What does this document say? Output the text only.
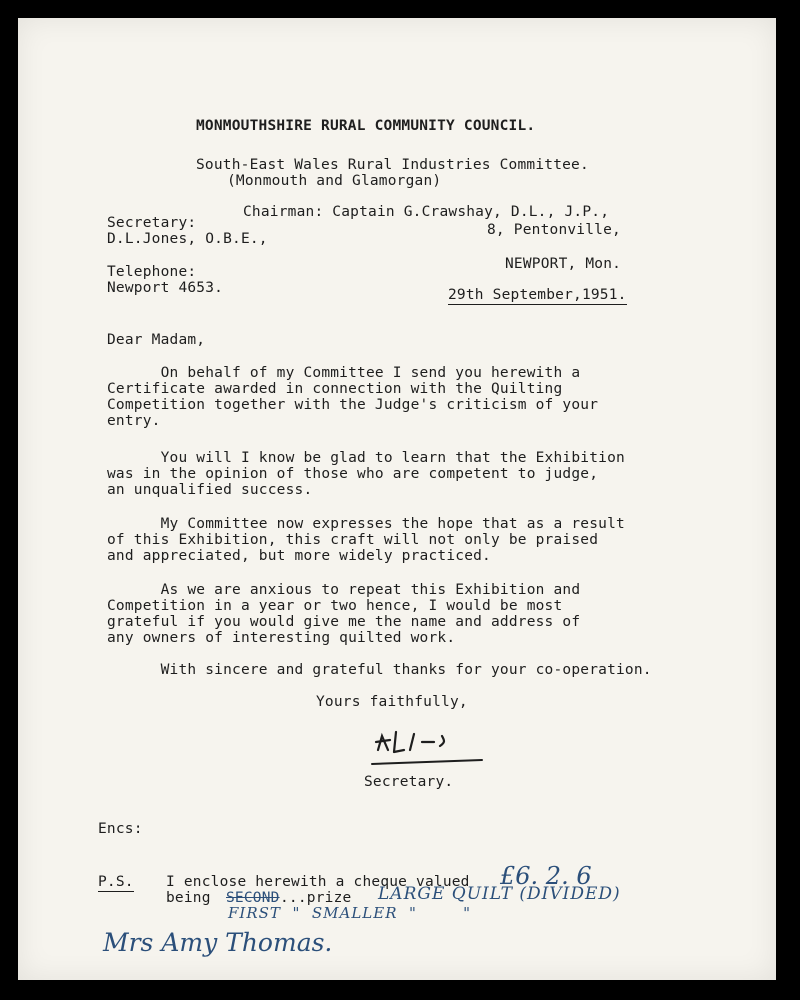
MONMOUTHSHIRE RURAL COMMUNITY COUNCIL.
South-East Wales Rural Industries Committee.
(Monmouth and Glamorgan)
Chairman: Captain G.Crawshay, D.L., J.P.,
8, Pentonville,
NEWPORT, Mon.
29th September,1951.
Secretary:
D.L.Jones, O.B.E.,
Telephone:
Newport 4653.
Dear Madam,
On behalf of my Committee I send you herewith a
Certificate awarded in connection with the Quilting
Competition together with the Judge's criticism of your
entry.
You will I know be glad to learn that the Exhibition
was in the opinion of those who are competent to judge,
an unqualified success.
My Committee now expresses the hope that as a result
of this Exhibition, this craft will not only be praised
and appreciated, but more widely practiced.
As we are anxious to repeat this Exhibition and
Competition in a year or two hence, I would be most
grateful if you would give me the name and address of
any owners of interesting quilted work.
With sincere and grateful thanks for your co-operation.
Yours faithfully,
Secretary.
Encs:
P.S. I enclose herewith a cheque valued £6. 2. 6
being SECOND ...prize LARGE QUILT (DIVIDED)
FIRST  "  SMALLER  "        "
Mrs Amy Thomas.
